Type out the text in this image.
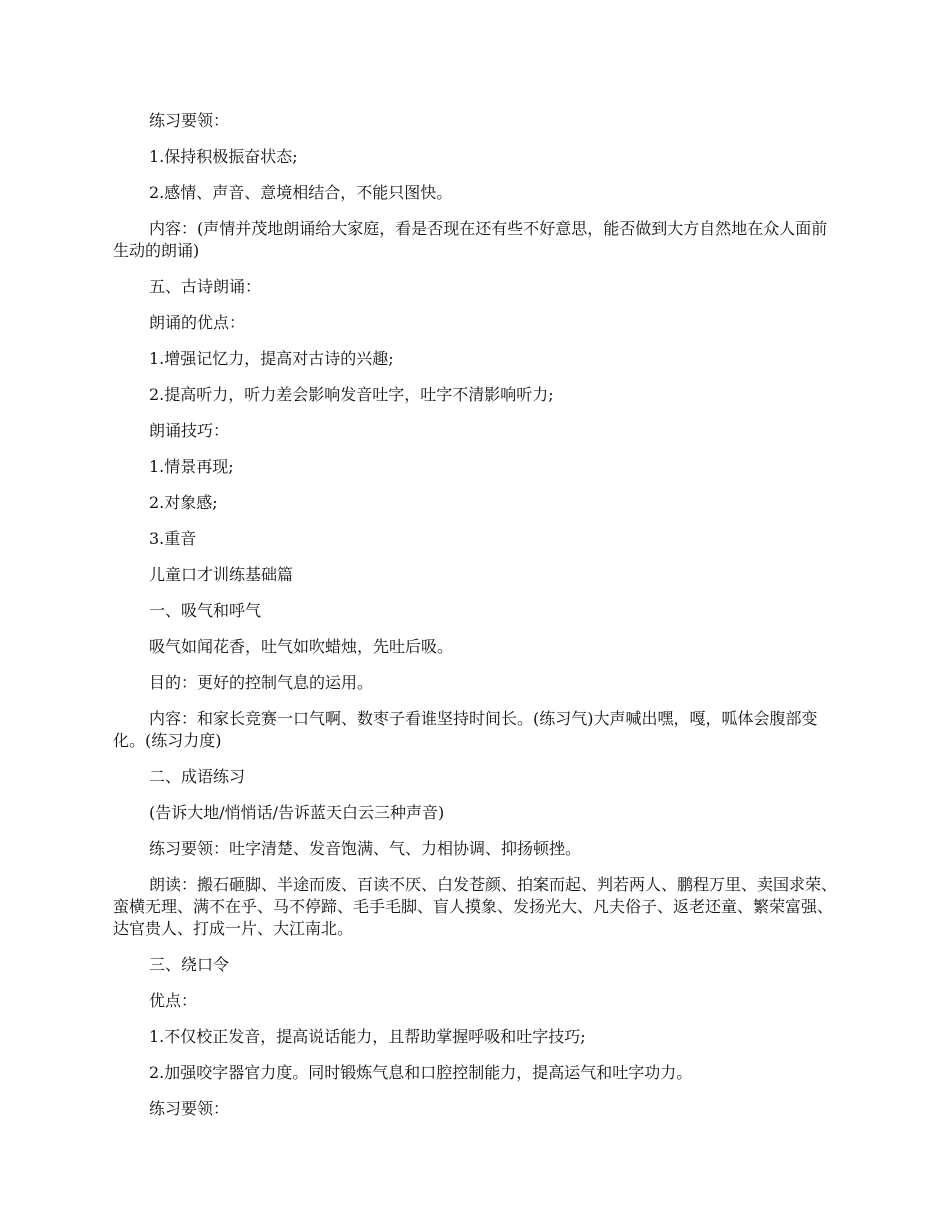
练习要领：

1.保持积极振奋状态;

2.感情、声音、意境相结合，不能只图快。

内容：(声情并茂地朗诵给大家庭，看是否现在还有些不好意思，能否做到大方自然地在众人面前生动的朗诵)

五、古诗朗诵：

朗诵的优点：

1.增强记忆力，提高对古诗的兴趣;

2.提高听力，听力差会影响发音吐字，吐字不清影响听力;

朗诵技巧：

1.情景再现;

2.对象感;

3.重音

儿童口才训练基础篇

一、吸气和呼气

吸气如闻花香，吐气如吹蜡烛，先吐后吸。

目的：更好的控制气息的运用。

内容：和家长竞赛一口气啊、数枣子看谁坚持时间长。(练习气)大声喊出嘿，嘎，呱体会腹部变化。(练习力度)

二、成语练习

(告诉大地/悄悄话/告诉蓝天白云三种声音)

练习要领：吐字清楚、发音饱满、气、力相协调、抑扬顿挫。

朗读：搬石砸脚、半途而废、百读不厌、白发苍颜、拍案而起、判若两人、鹏程万里、卖国求荣、蛮横无理、满不在乎、马不停蹄、毛手毛脚、盲人摸象、发扬光大、凡夫俗子、返老还童、繁荣富强、达官贵人、打成一片、大江南北。

三、绕口令

优点：

1.不仅校正发音，提高说话能力，且帮助掌握呼吸和吐字技巧;

2.加强咬字器官力度。同时锻炼气息和口腔控制能力，提高运气和吐字功力。

练习要领：
